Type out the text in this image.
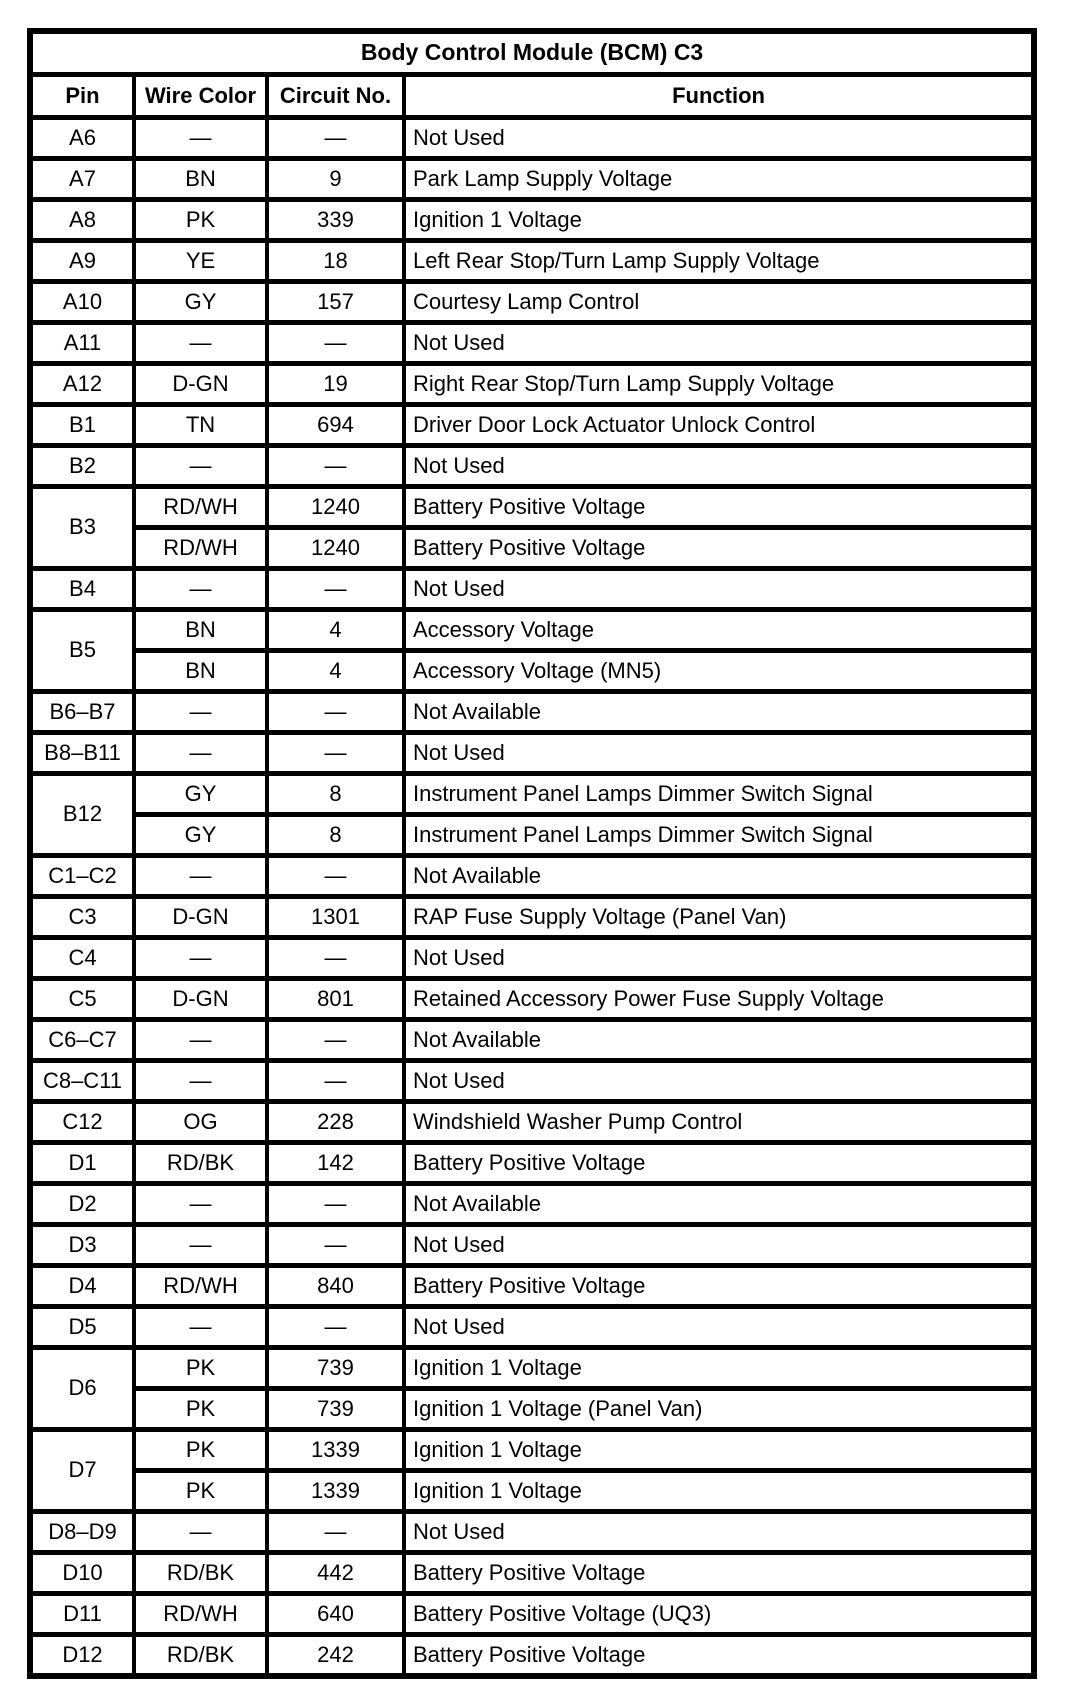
Body Control Module (BCM) C3			
Pin	Wire Color	Circuit No.	Function
A6	—	—	Not Used
A7	BN	9	Park Lamp Supply Voltage
A8	PK	339	Ignition 1 Voltage
A9	YE	18	Left Rear Stop/Turn Lamp Supply Voltage
A10	GY	157	Courtesy Lamp Control
A11	—	—	Not Used
A12	D-GN	19	Right Rear Stop/Turn Lamp Supply Voltage
B1	TN	694	Driver Door Lock Actuator Unlock Control
B2	—	—	Not Used
B3	RD/WH	1240	Battery Positive Voltage
	RD/WH	1240	Battery Positive Voltage
B4	—	—	Not Used
B5	BN	4	Accessory Voltage
	BN	4	Accessory Voltage (MN5)
B6–B7	—	—	Not Available
B8–B11	—	—	Not Used
B12	GY	8	Instrument Panel Lamps Dimmer Switch Signal
	GY	8	Instrument Panel Lamps Dimmer Switch Signal
C1–C2	—	—	Not Available
C3	D-GN	1301	RAP Fuse Supply Voltage (Panel Van)
C4	—	—	Not Used
C5	D-GN	801	Retained Accessory Power Fuse Supply Voltage
C6–C7	—	—	Not Available
C8–C11	—	—	Not Used
C12	OG	228	Windshield Washer Pump Control
D1	RD/BK	142	Battery Positive Voltage
D2	—	—	Not Available
D3	—	—	Not Used
D4	RD/WH	840	Battery Positive Voltage
D5	—	—	Not Used
D6	PK	739	Ignition 1 Voltage
	PK	739	Ignition 1 Voltage (Panel Van)
D7	PK	1339	Ignition 1 Voltage
	PK	1339	Ignition 1 Voltage
D8–D9	—	—	Not Used
D10	RD/BK	442	Battery Positive Voltage
D11	RD/WH	640	Battery Positive Voltage (UQ3)
D12	RD/BK	242	Battery Positive Voltage
